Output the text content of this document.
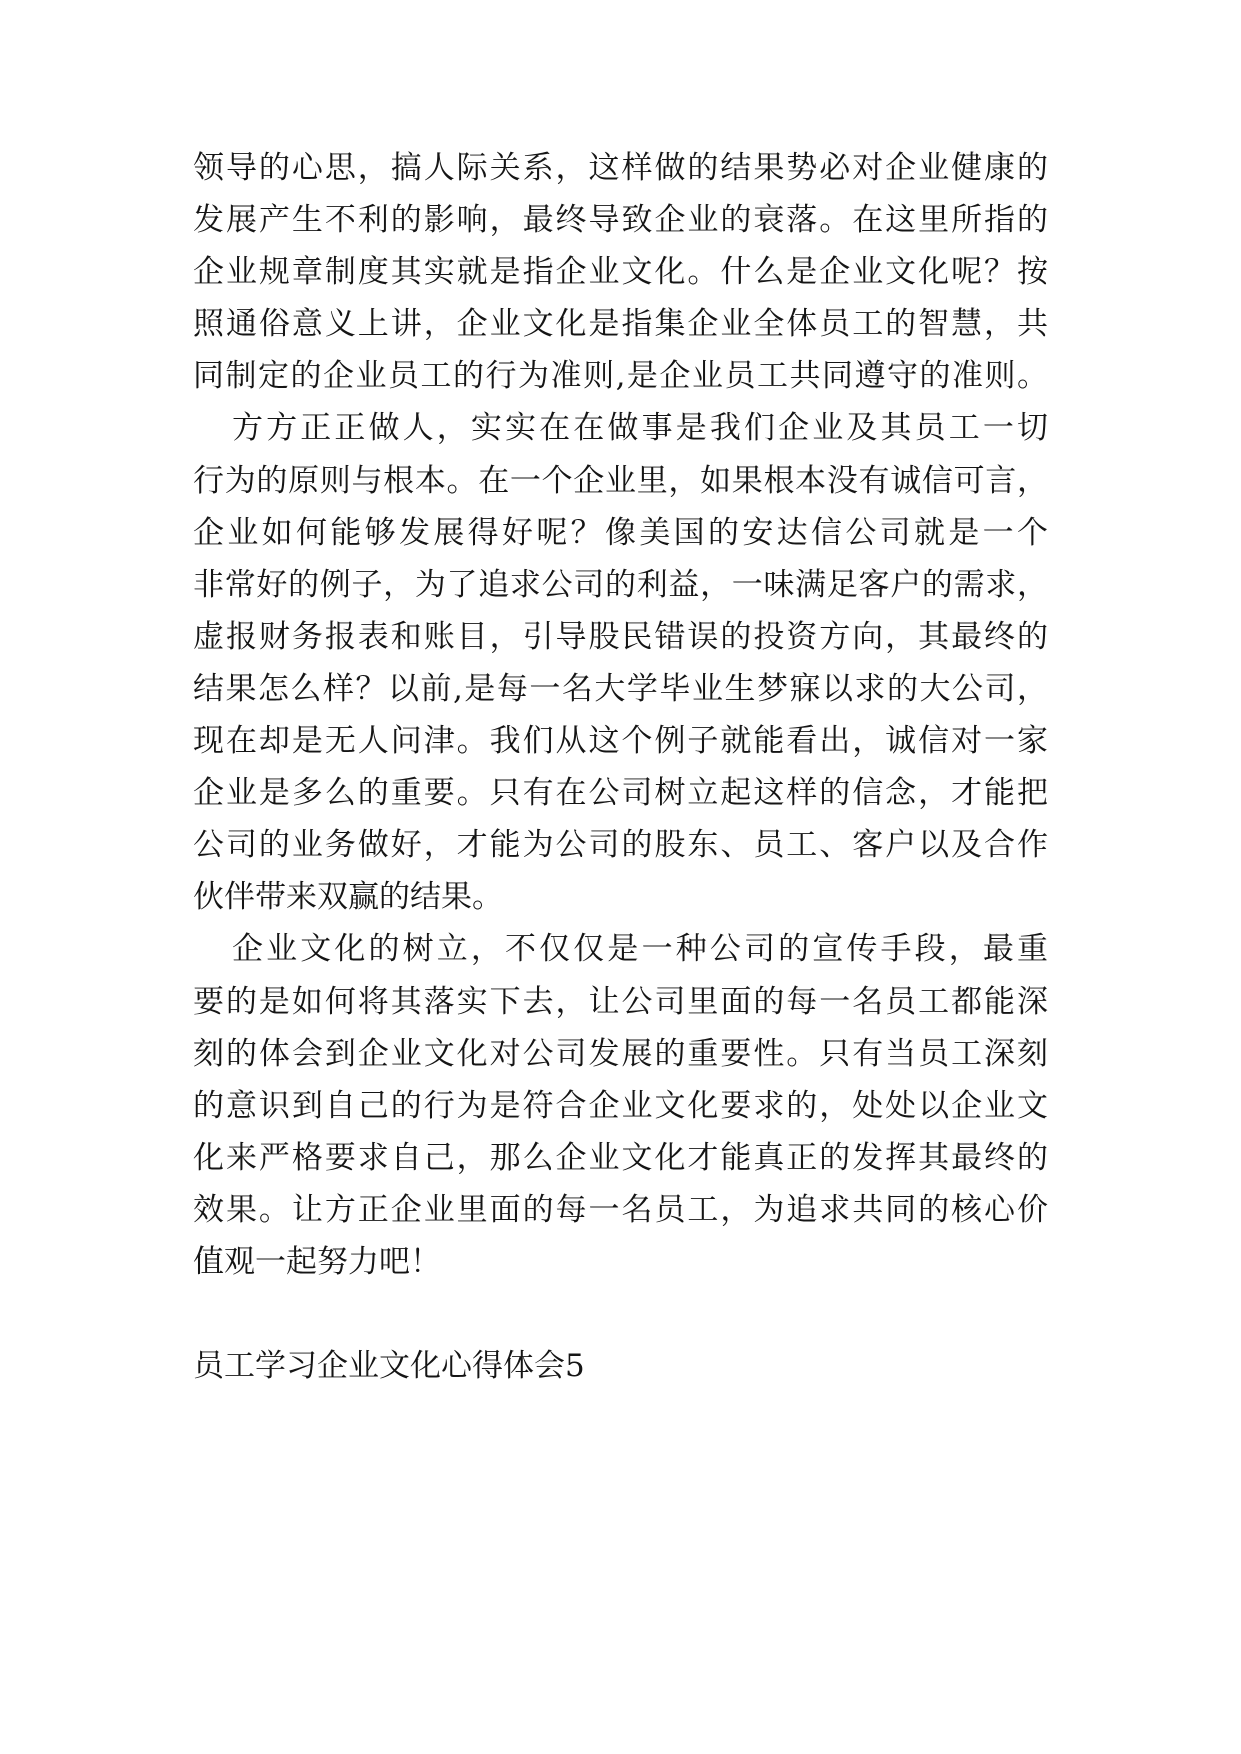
领导的心思，搞人际关系，这样做的结果势必对企业健康的
发展产生不利的影响，最终导致企业的衰落。在这里所指的
企业规章制度其实就是指企业文化。什么是企业文化呢？按
照通俗意义上讲，企业文化是指集企业全体员工的智慧，共
同制定的企业员工的行为准则,是企业员工共同遵守的准则。
方方正正做人，实实在在做事是我们企业及其员工一切
行为的原则与根本。在一个企业里，如果根本没有诚信可言，
企业如何能够发展得好呢？像美国的安达信公司就是一个
非常好的例子，为了追求公司的利益，一味满足客户的需求，
虚报财务报表和账目，引导股民错误的投资方向，其最终的
结果怎么样？以前,是每一名大学毕业生梦寐以求的大公司，
现在却是无人问津。我们从这个例子就能看出，诚信对一家
企业是多么的重要。只有在公司树立起这样的信念，才能把
公司的业务做好，才能为公司的股东、员工、客户以及合作
伙伴带来双赢的结果。
企业文化的树立，不仅仅是一种公司的宣传手段，最重
要的是如何将其落实下去，让公司里面的每一名员工都能深
刻的体会到企业文化对公司发展的重要性。只有当员工深刻
的意识到自己的行为是符合企业文化要求的，处处以企业文
化来严格要求自己，那么企业文化才能真正的发挥其最终的
效果。让方正企业里面的每一名员工，为追求共同的核心价
值观一起努力吧！
员工学习企业文化心得体会5
